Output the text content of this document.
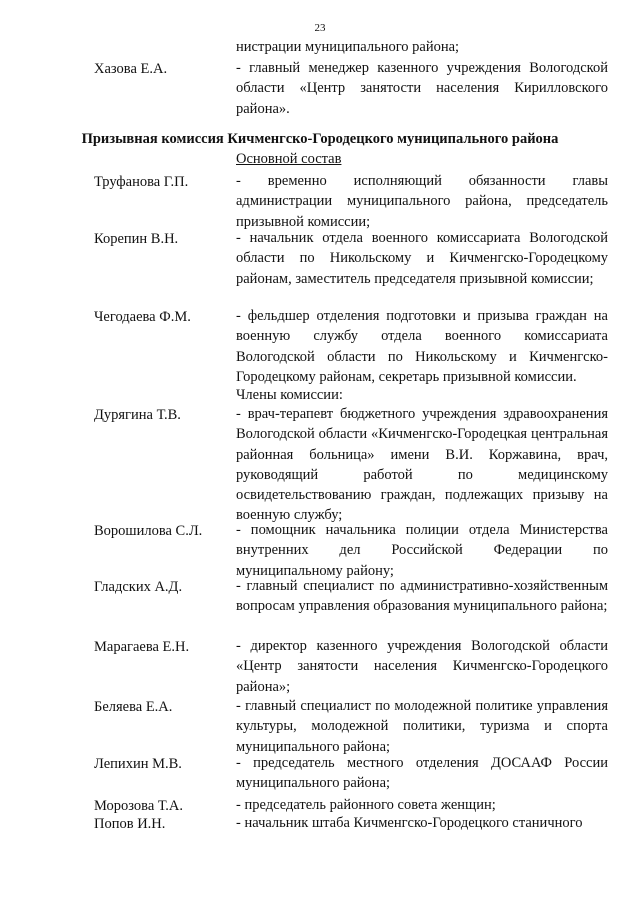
23
нистрации муниципального района;
Хазова Е.А.	- главный менеджер казенного учреждения Вологодской области «Центр занятости населения Кирилловского района».
Призывная комиссия Кичменгско-Городецкого муниципального района
Основной состав
Труфанова Г.П.	- временно исполняющий обязанности главы администрации муниципального района, председатель призывной комиссии;
Корепин В.Н.	- начальник отдела военного комиссариата Вологодской области по Никольскому и Кичменгско-Городецкому районам, заместитель председателя призывной комиссии;
Чегодаева Ф.М.	- фельдшер отделения подготовки и призыва граждан на военную службу отдела военного комиссариата Вологодской области по Никольскому и Кичменгско-Городецкому районам, секретарь призывной комиссии.
Члены комиссии:
Дурягина Т.В.	- врач-терапевт бюджетного учреждения здравоохранения Вологодской области «Кичменгско-Городецкая центральная районная больница» имени В.И. Коржавина, врач, руководящий работой по медицинскому освидетельствованию граждан, подлежащих призыву на военную службу;
Ворошилова С.Л. - помощник начальника полиции отдела Министерства внутренних дел Российской Федерации по муниципальному району;
Гладских А.Д.	- главный специалист по административно-хозяйственным вопросам управления образования муниципального района;
Марагаева Е.Н.	- директор казенного учреждения Вологодской области «Центр занятости населения Кичменгско-Городецкого района»;
Беляева Е.А.	- главный специалист по молодежной политике управления культуры, молодежной политики, туризма и спорта муниципального района;
Лепихин М.В.	- председатель местного отделения ДОСААФ России муниципального района;
Морозова Т.А.	- председатель районного совета женщин;
Попов И.Н.	- начальник штаба Кичменгско-Городецкого станичного
